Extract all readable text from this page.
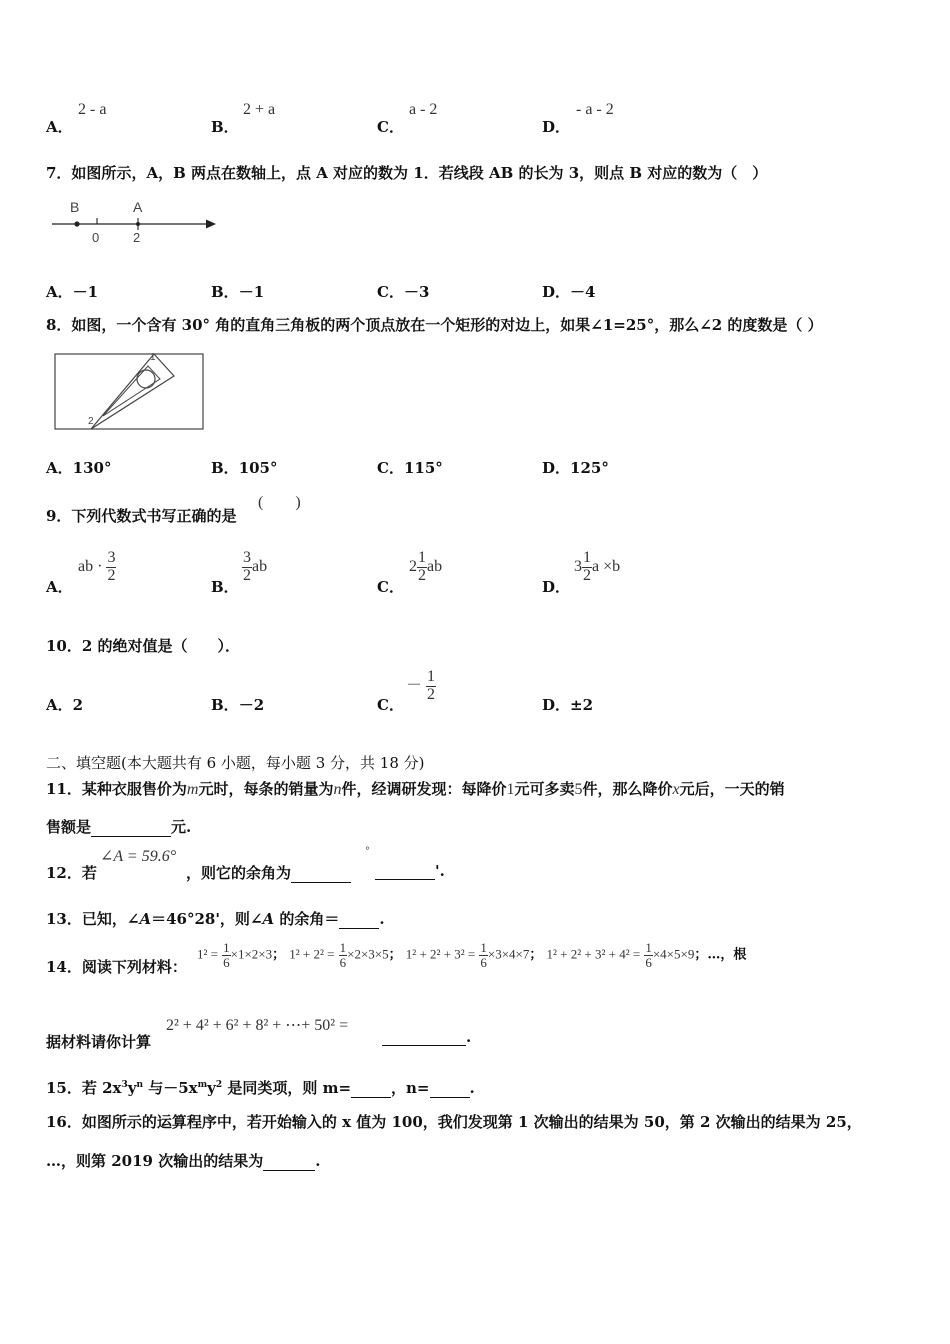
A．
2 - a
B．
2 + a
C．
a - 2
D．
- a - 2
7．如图所示，A，B 两点在数轴上，点 A 对应的数为 1．若线段 AB 的长为 3，则点 B 对应的数为（　）
B	A
0	2
A．－1	B．－1	C．－3	D．－4
8．如图，一个含有 30° 角的直角三角板的两个顶点放在一个矩形的对边上，如果∠1=25°，那么∠2 的度数是（ ）
1
2
A．130°	B．105°	C．115°	D．125°
9．下列代数式书写正确的是
(　　)
A．
ab · $\frac{3}{2}$
B．
$\frac{3}{2}$ ab
C．
$2 \frac{1}{2}$ ab
D．
$3 \frac{1}{2}$ a ×b
10．2 的绝对值是（　　）．
A．2	B．－2	C．
－ $\frac{1}{2}$
D．±2
二、填空题(本大题共有 6 小题，每小题 3 分，共 18 分)
11．某种衣服售价为m元时，每条的销量为n件，经调研发现：每降价1元可多卖5件，那么降价x元后，一天的销
售额是	元.
12．若
∠A = 59.6°
，则它的余角为
°
'.
13．已知，∠A＝46°28'，则∠A 的余角＝	.
14．阅读下列材料：
$1^2 = \frac{1}{6} \times 1\times 2\times 3$； $1^2 + 2^2 = \frac{1}{6} \times 2\times 3\times 5$； $1^2 + 2^2 + 3^2 = \frac{1}{6} \times 3\times 4\times 7$； $1^2 + 2^2 + 3^2 + 4^2 = \frac{1}{6} \times 4\times 5\times 9$；…，根
据材料请你计算
2² + 4² + 6² + 8² + ⋯+ 50² =
.
15．若 $2x^3y^n$ 与$-5x^my^2$ 是同类项，则 m=	，n=	.
16．如图所示的运算程序中，若开始输入的 x 值为 100，我们发现第 1 次输出的结果为 50，第 2 次输出的结果为 25，
…，则第 2019 次输出的结果为	.
